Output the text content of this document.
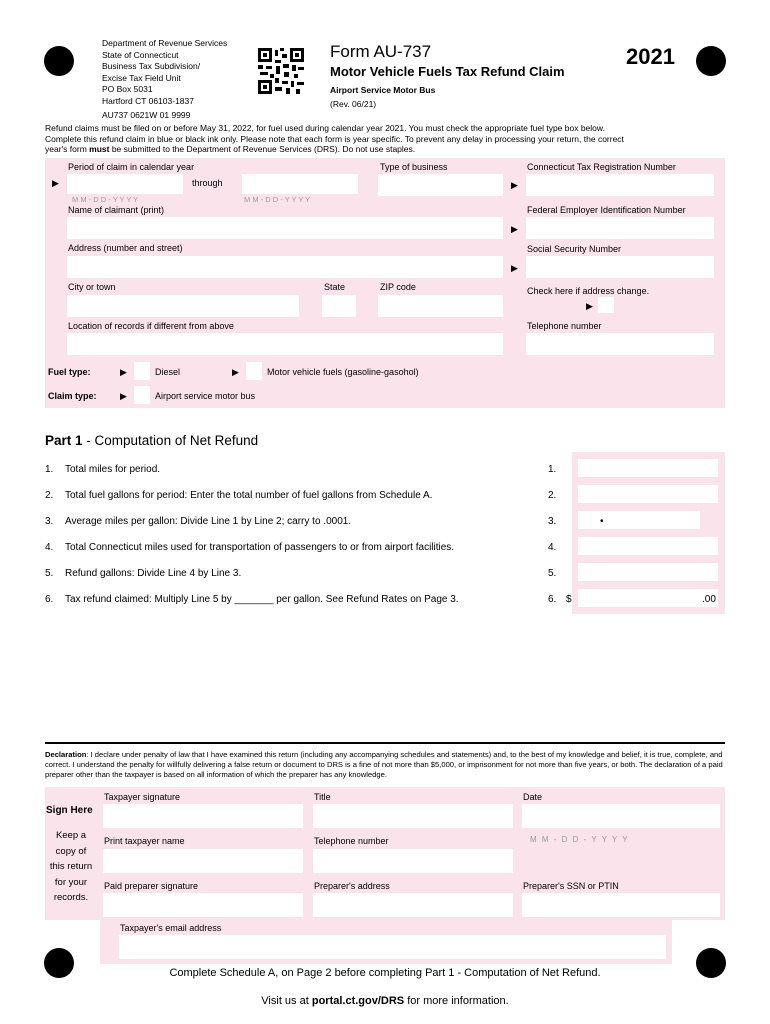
Department of Revenue Services
State of Connecticut
Business Tax Subdivision/
Excise Tax Field Unit
PO Box 5031
Hartford CT 06103-1837
AU737 0621W 01 9999
Form AU-737
Motor Vehicle Fuels Tax Refund Claim
Airport Service Motor Bus
(Rev. 06/21)
2021
Refund claims must be filed on or before May 31, 2022, for fuel used during calendar year 2021. You must check the appropriate fuel type box below.
Complete this refund claim in blue or black ink only. Please note that each form is year specific. To prevent any delay in processing your return, the correct
year's form must be submitted to the Department of Revenue Services (DRS). Do not use staples.
Period of claim in calendar year
▶	through
M M - D D - Y Y Y Y	M M - D D - Y Y Y Y
Type of business	Connecticut Tax Registration Number
▶
Name of claimant (print)	Federal Employer Identification Number
▶
Address (number and street)	Social Security Number
▶
City or town	State	ZIP code	Check here if address change.
▶
Location of records if different from above	Telephone number
Fuel type:	▶	Diesel	▶	Motor vehicle fuels (gasoline-gasohol)
Claim type:	▶	Airport service motor bus
Part 1 - Computation of Net Refund
1. Total miles for period.	1.
2. Total fuel gallons for period: Enter the total number of fuel gallons from Schedule A.	2.
3. Average miles per gallon: Divide Line 1 by Line 2; carry to .0001.	3.	•
4. Total Connecticut miles used for transportation of passengers to or from airport facilities.	4.
5. Refund gallons: Divide Line 4 by Line 3.	5.
6. Tax refund claimed: Multiply Line 5 by _______ per gallon. See Refund Rates on Page 3.	6. $	.00
Declaration: I declare under penalty of law that I have examined this return (including any accompanying schedules and statements) and, to the best of my knowledge and belief, it is true, complete, and correct. I understand the penalty for willfully delivering a false return or document to DRS is a fine of not more than $5,000, or imprisonment for not more than five years, or both. The declaration of a paid preparer other than the taxpayer is based on all information of which the preparer has any knowledge.
Sign Here
Keep a
copy of
this return
for your
records.
Taxpayer signature	Title	Date
M M - D D - Y Y Y Y
Print taxpayer name	Telephone number
Paid preparer signature	Preparer's address	Preparer's SSN or PTIN
Taxpayer's email address
Complete Schedule A, on Page 2 before completing Part 1 - Computation of Net Refund.
Visit us at portal.ct.gov/DRS for more information.
